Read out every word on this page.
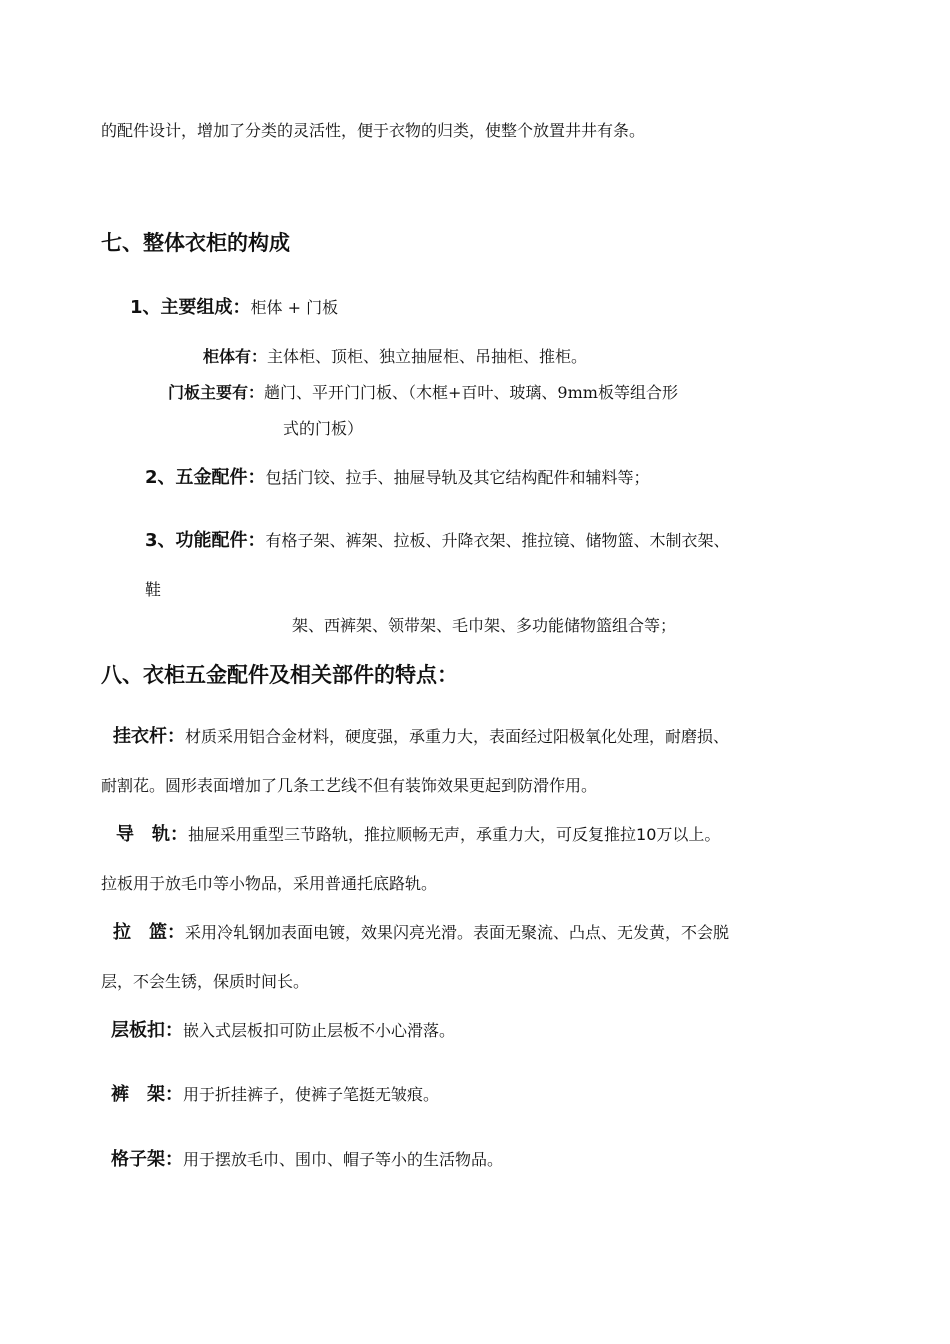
的配件设计，增加了分类的灵活性，便于衣物的归类，使整个放置井井有条。
七、整体衣柜的构成
1、主要组成：柜体 + 门板
柜体有：主体柜、顶柜、独立抽屉柜、吊抽柜、推柜。
门板主要有：趟门、平开门门板、（木框+百叶、玻璃、9mm板等组合形
式的门板）
2、五金配件：包括门铰、拉手、抽屉导轨及其它结构配件和辅料等；
3、功能配件：有格子架、裤架、拉板、升降衣架、推拉镜、储物篮、木制衣架、
鞋
架、西裤架、领带架、毛巾架、多功能储物篮组合等；
八、衣柜五金配件及相关部件的特点：
挂衣杆：材质采用铝合金材料，硬度强，承重力大，表面经过阳极氧化处理，耐磨损、
耐割花。圆形表面增加了几条工艺线不但有装饰效果更起到防滑作用。
导　轨：抽屉采用重型三节路轨，推拉顺畅无声，承重力大，可反复推拉10万以上。
拉板用于放毛巾等小物品，采用普通托底路轨。
拉　篮：采用冷轧钢加表面电镀，效果闪亮光滑。表面无聚流、凸点、无发黄，不会脱
层，不会生锈，保质时间长。
层板扣：嵌入式层板扣可防止层板不小心滑落。
裤　架：用于折挂裤子，使裤子笔挺无皱痕。
格子架：用于摆放毛巾、围巾、帽子等小的生活物品。
